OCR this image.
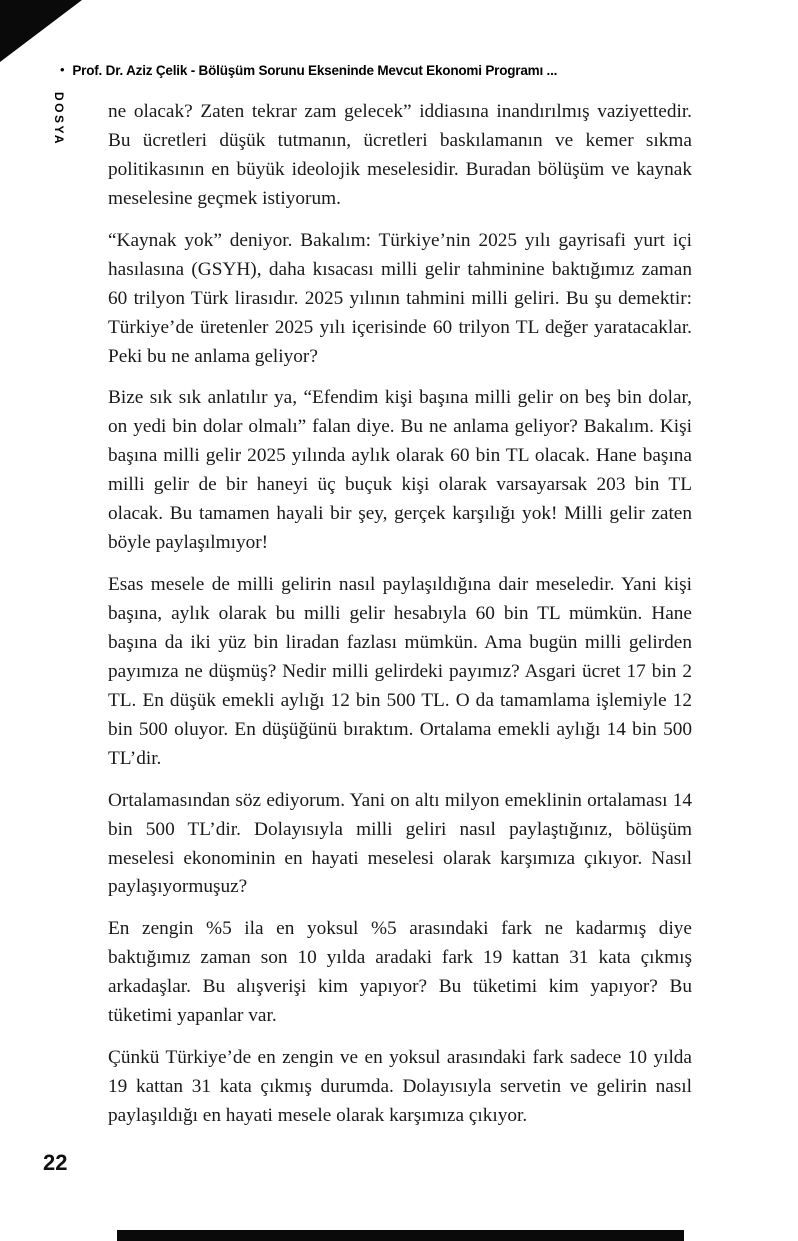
• Prof. Dr. Aziz Çelik - Bölüşüm Sorunu Ekseninde Mevcut Ekonomi Programı ...
DOSYA ne olacak? Zaten tekrar zam gelecek” iddiasına inandırılmış vaziyettedir. Bu ücretleri düşük tutmanın, ücretleri baskılamanın ve kemer sıkma politikasının en büyük ideolojik meselesidir. Buradan bölüşüm ve kaynak meselesine geçmek istiyorum.

“Kaynak yok” deniyor. Bakalım: Türkiye’nin 2025 yılı gayrisafi yurt içi hasılasına (GSYH), daha kısacası milli gelir tahminine baktığımız zaman 60 trilyon Türk lirasıdır. 2025 yılının tahmini milli geliri. Bu şu demektir: Türkiye’de üretenler 2025 yılı içerisinde 60 trilyon TL değer yaratacaklar. Peki bu ne anlama geliyor?

Bize sık sık anlatılır ya, “Efendim kişi başına milli gelir on beş bin dolar, on yedi bin dolar olmalı” falan diye. Bu ne anlama geliyor? Bakalım. Kişi başına milli gelir 2025 yılında aylık olarak 60 bin TL olacak. Hane başına milli gelir de bir haneyi üç buçuk kişi olarak varsayarsak 203 bin TL olacak. Bu tamamen hayali bir şey, gerçek karşılığı yok! Milli gelir zaten böyle paylaşılmıyor!

Esas mesele de milli gelirin nasıl paylaşıldığına dair meseledir. Yani kişi başına, aylık olarak bu milli gelir hesabıyla 60 bin TL mümkün. Hane başına da iki yüz bin liradan fazlası mümkün. Ama bugün milli gelirden payımıza ne düşmüş? Nedir milli gelirdeki payımız? Asgari ücret 17 bin 2 TL. En düşük emekli aylığı 12 bin 500 TL. O da tamamlama işlemiyle 12 bin 500 oluyor. En düşüğünü bıraktım. Ortalama emekli aylığı 14 bin 500 TL’dir.

Ortalamasından söz ediyorum. Yani on altı milyon emeklinin ortalaması 14 bin 500 TL’dir. Dolayısıyla milli geliri nasıl paylaştığınız, bölüşüm meselesi ekonominin en hayati meselesi olarak karşımıza çıkıyor. Nasıl paylaşıyormuşuz?

En zengin %5 ila en yoksul %5 arasındaki fark ne kadarmış diye baktığımız zaman son 10 yılda aradaki fark 19 kattan 31 kata çıkmış arkadaşlar. Bu alışverişi kim yapıyor? Bu tüketimi kim yapıyor? Bu tüketimi yapanlar var.

Çünkü Türkiye’de en zengin ve en yoksul arasındaki fark sadece 10 yılda 19 kattan 31 kata çıkmış durumda. Dolayısıyla servetin ve gelirin nasıl paylaşıldığı en hayati mesele olarak karşımıza çıkıyor.

22
